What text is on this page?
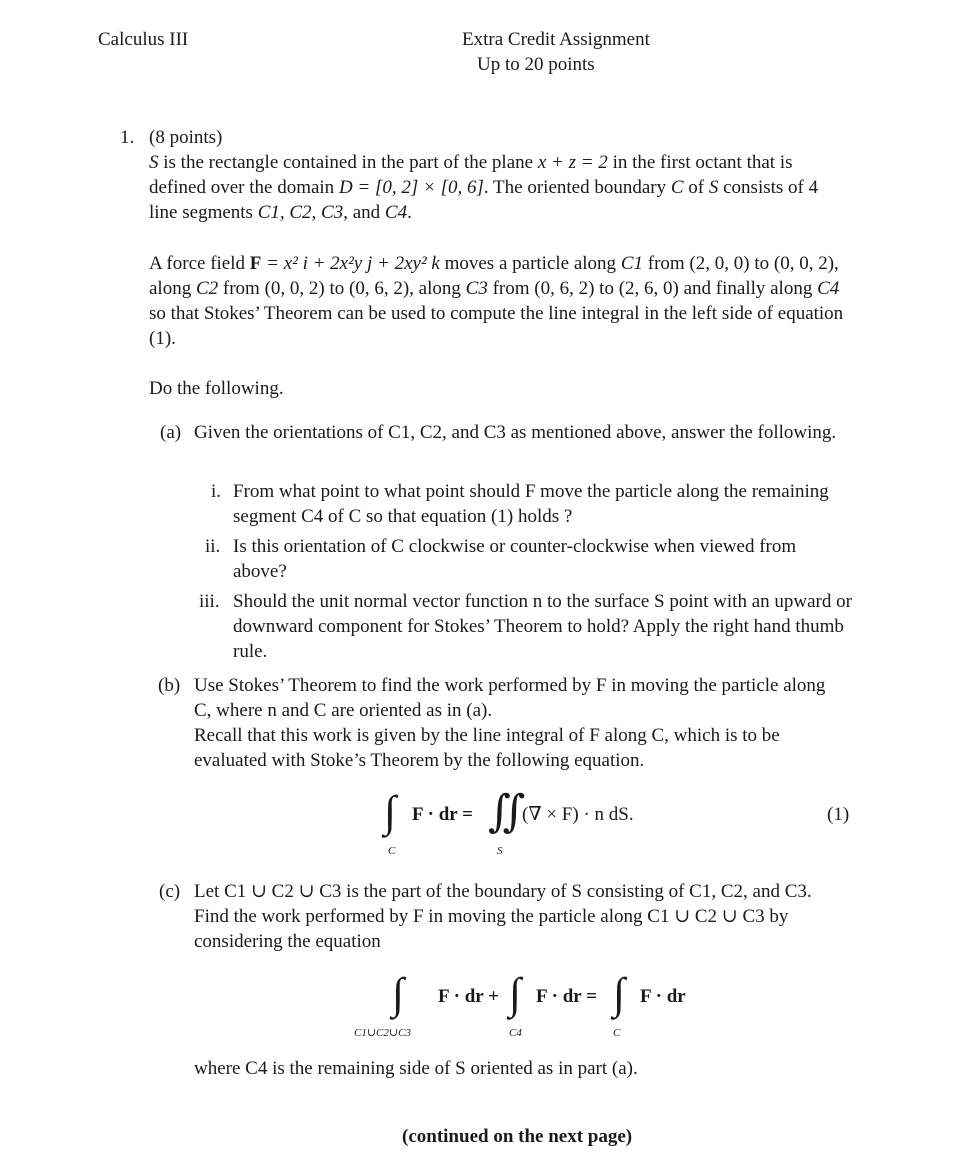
Calculus III	Extra Credit Assignment
Up to 20 points
1. (8 points)
S is the rectangle contained in the part of the plane x + z = 2 in the first octant that is defined over the domain D = [0, 2] × [0, 6]. The oriented boundary C of S consists of 4 line segments C1, C2, C3, and C4.
A force field F = x² i + 2x²y j + 2xy² k moves a particle along C1 from (2, 0, 0) to (0, 0, 2), along C2 from (0, 0, 2) to (0, 6, 2), along C3 from (0, 6, 2) to (2, 6, 0) and finally along C4 so that Stokes’ Theorem can be used to compute the line integral in the left side of equation (1).
Do the following.
(a) Given the orientations of C1, C2, and C3 as mentioned above, answer the following.
i. From what point to what point should F move the particle along the remaining segment C4 of C so that equation (1) holds ?
ii. Is this orientation of C clockwise or counter-clockwise when viewed from above?
iii. Should the unit normal vector function n to the surface S point with an upward or downward component for Stokes’ Theorem to hold? Apply the right hand thumb rule.
(b) Use Stokes’ Theorem to find the work performed by F in moving the particle along C, where n and C are oriented as in (a).
Recall that this work is given by the line integral of F along C, which is to be evaluated with Stoke’s Theorem by the following equation.
∫
C
F · dr = ∬
S
(∇ × F) · n dS.	(1)
(c) Let C1 ∪ C2 ∪ C3 is the part of the boundary of S consisting of C1, C2, and C3. Find the work performed by F in moving the particle along C1 ∪ C2 ∪ C3 by considering the equation
∫
C1∪C2∪C3
F · dr + ∫
C4
F · dr = ∫
C
F · dr
where C4 is the remaining side of S oriented as in part (a).
(continued on the next page)
